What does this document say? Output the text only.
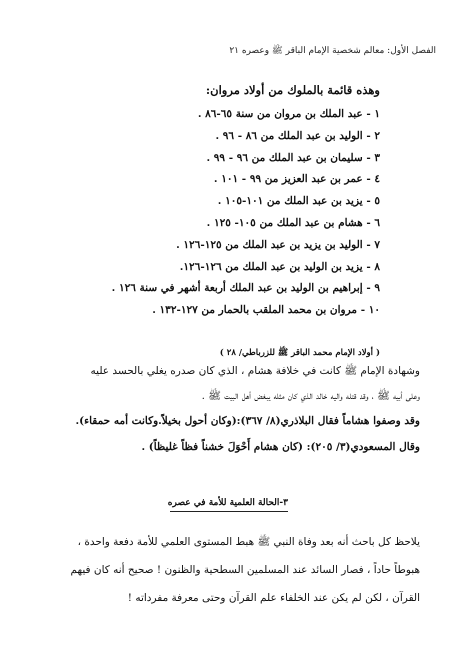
الفصل الأول: معالم شخصية الإمام الباقر ﷺ وعصره ٢١
وهذه قائمة بالملوك من أولاد مروان:
١ - عبد الملك بن مروان من سنة ٦٥-٨٦ .
٢ - الوليد بن عبد الملك من ٨٦ - ٩٦ .
٣ - سليمان بن عبد الملك من ٩٦ - ٩٩ .
٤ - عمر بن عبد العزيز من ٩٩ - ١٠١ .
٥ - يزيد بن عبد الملك من ١٠١-١٠٥ .
٦ - هشام بن عبد الملك من ١٠٥- ١٢٥ .
٧ - الوليد بن يزيد بن عبد الملك من ١٢٥-١٢٦ .
٨ - يزيد بن الوليد بن عبد الملك من ١٢٦-١٢٦.
٩ - إبراهيم بن الوليد بن عبد الملك أربعة أشهر في سنة ١٢٦ .
١٠ - مروان بن محمد الملقب بالحمار من ١٢٧-١٣٢ .
( أولاد الإمام محمد الباقر ﷺ للزرباطي/ ٢٨ )
وشهادة الإمام ﷺ كانت في خلافة هشام ، الذي كان صدره يغلي بالحسد عليه
وعلى أبيه ﷺ ، وقد قتله واليه خالد الذي كان مثله يبغض أهل البيت ﷺ .
وقد وصفوا هشاماً فقال البلاذري(٨/ ٣٦٧):(وكان أحول بخيلاً.وكانت أمه حمقاء).
وقال المسعودي(٣/ ٢٠٥): (كان هشام أَحْوَلَ خشناً فظاً غليظاً) .
٣-الحالة العلمية للأمة في عصره
يلاحظ كل باحث أنه بعد وفاة النبي ﷺ هبط المستوى العلمي للأمة دفعة واحدة ،
هبوطاً حاداً ، فصار السائد عند المسلمين السطحية والظنون ! صحيح أنه كان فيهم
القرآن ، لكن لم يكن عند الخلفاء علم القرآن وحتى معرفة مفرداته !
